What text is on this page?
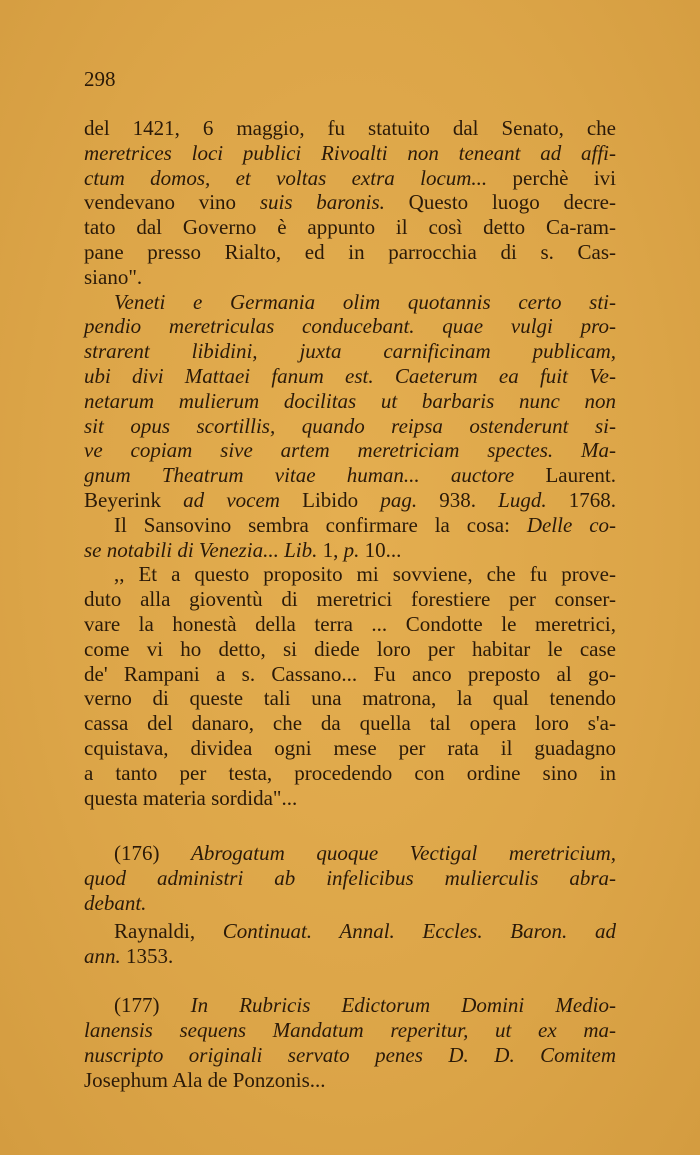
298
del 1421, 6 maggio, fu statuito dal Senato, che
meretrices loci publici Rivoalti non teneant ad affi-
ctum domos, et voltas extra locum... perchè ivi
vendevano vino suis baronis. Questo luogo decre-
tato dal Governo è appunto il così detto Ca-ram-
pane presso Rialto, ed in parrocchia di s. Cas-
siano".
Veneti e Germania olim quotannis certo sti-
pendio meretriculas conducebant. quae vulgi pro-
strarent libidini, juxta carnificinam publicam,
ubi divi Mattaei fanum est. Caeterum ea fuit Ve-
netarum mulierum docilitas ut barbaris nunc non
sit opus scortillis, quando reipsa ostenderunt si-
ve copiam sive artem meretriciam spectes. Ma-
gnum Theatrum vitae human... auctore Laurent.
Beyerink ad vocem Libido pag. 938. Lugd. 1768.
Il Sansovino sembra confirmare la cosa: Delle co-
se notabili di Venezia... Lib. 1, p. 10...
,, Et a questo proposito mi sovviene, che fu prove-
duto alla gioventù di meretrici forestiere per conser-
vare la honestà della terra ... Condotte le meretrici,
come vi ho detto, si diede loro per habitar le case
de' Rampani a s. Cassano... Fu anco preposto al go-
verno di queste tali una matrona, la qual tenendo
cassa del danaro, che da quella tal opera loro s'a-
cquistava, dividea ogni mese per rata il guadagno
a tanto per testa, procedendo con ordine sino in
questa materia sordida"...
(176) Abrogatum quoque Vectigal meretricium,
quod administri ab infelicibus mulierculis abra-
debant.
Raynaldi, Continuat. Annal. Eccles. Baron. ad
ann. 1353.
(177) In Rubricis Edictorum Domini Medio-
lanensis sequens Mandatum reperitur, ut ex ma-
nuscripto originali servato penes D. D. Comitem
Josephum Ala de Ponzonis...
